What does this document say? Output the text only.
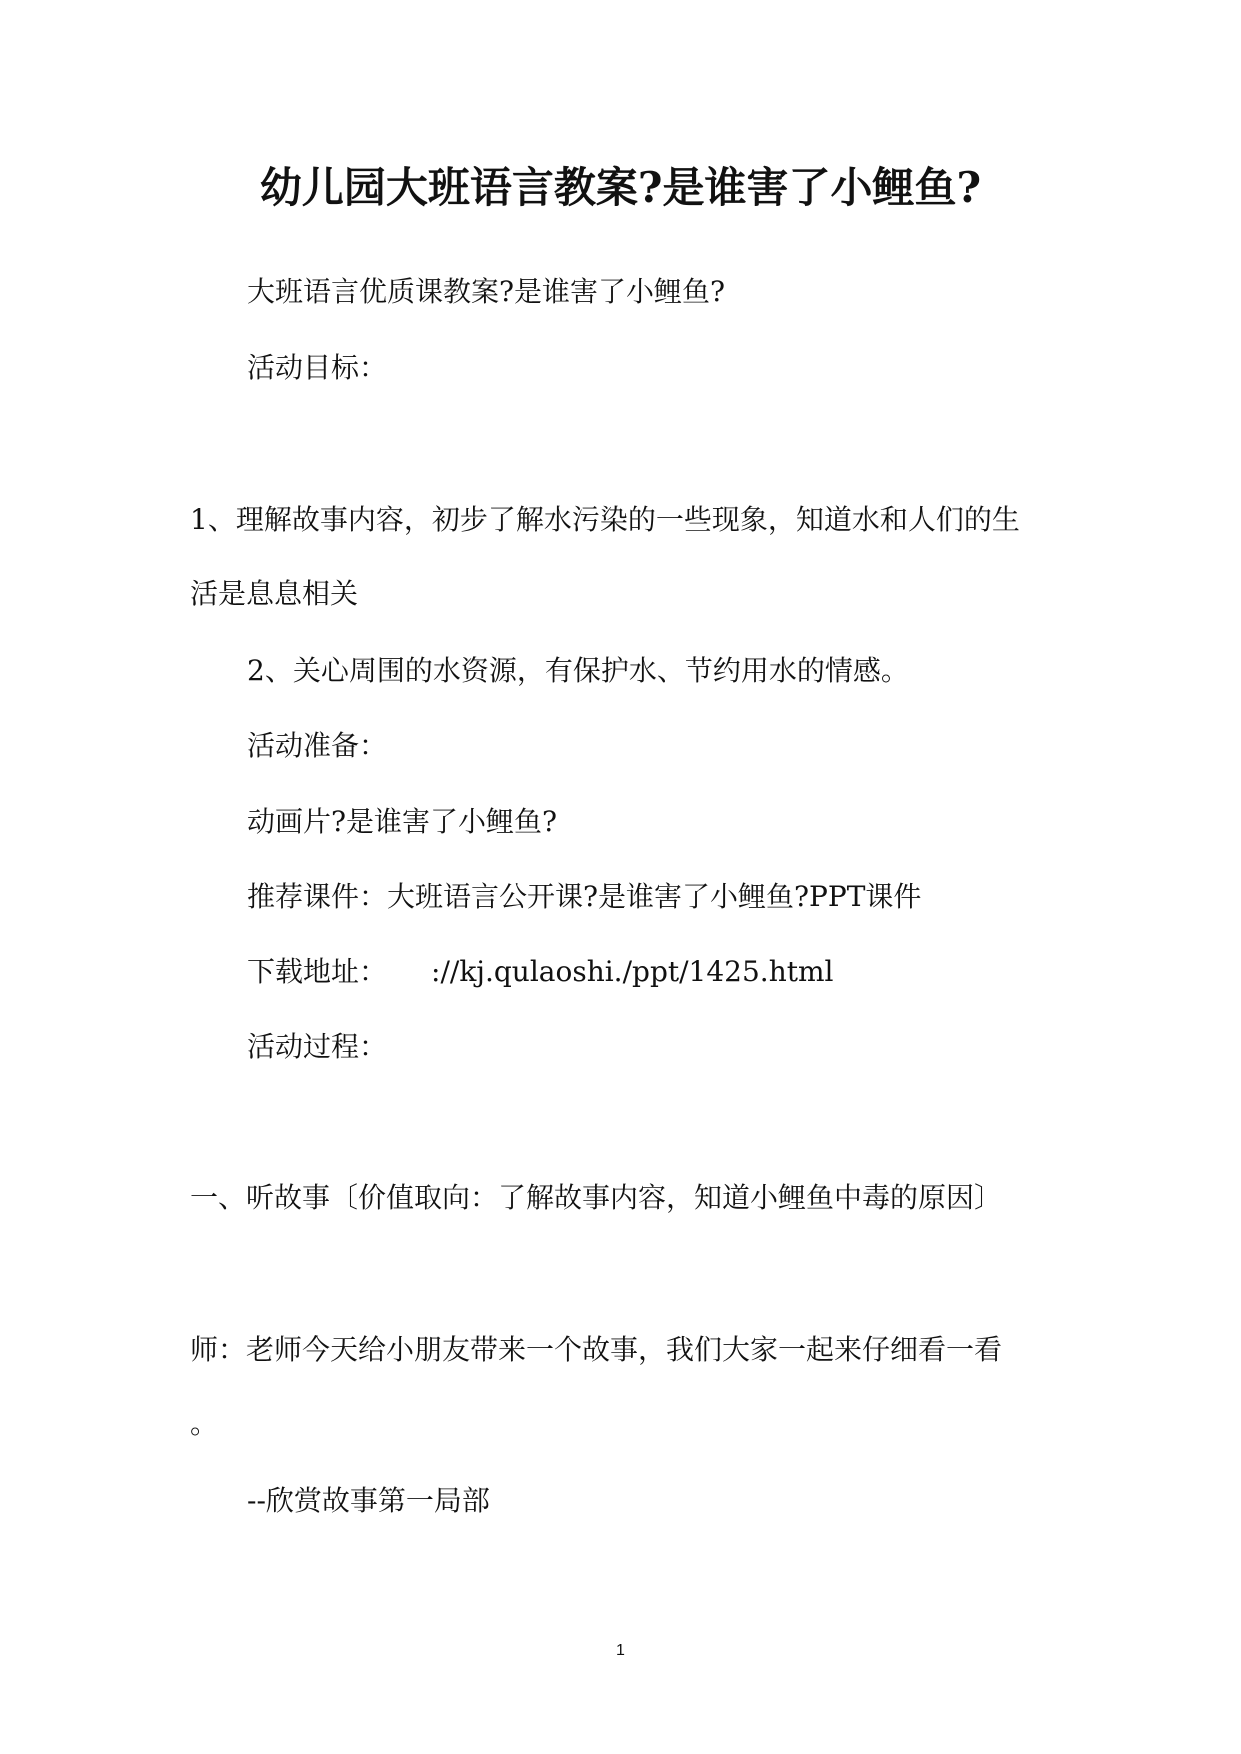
幼儿园大班语言教案?是谁害了小鲤鱼?
大班语言优质课教案?是谁害了小鲤鱼?
活动目标：
1、理解故事内容，初步了解水污染的一些现象，知道水和人们的生
活是息息相关
2、关心周围的水资源，有保护水、节约用水的情感。
活动准备：
动画片?是谁害了小鲤鱼?
推荐课件：大班语言公开课?是谁害了小鲤鱼?PPT课件
下载地址： ://kj.qulaoshi./ppt/1425.html
活动过程：
一、听故事〔价值取向：了解故事内容，知道小鲤鱼中毒的原因〕
师：老师今天给小朋友带来一个故事，我们大家一起来仔细看一看
。
--欣赏故事第一局部
1
